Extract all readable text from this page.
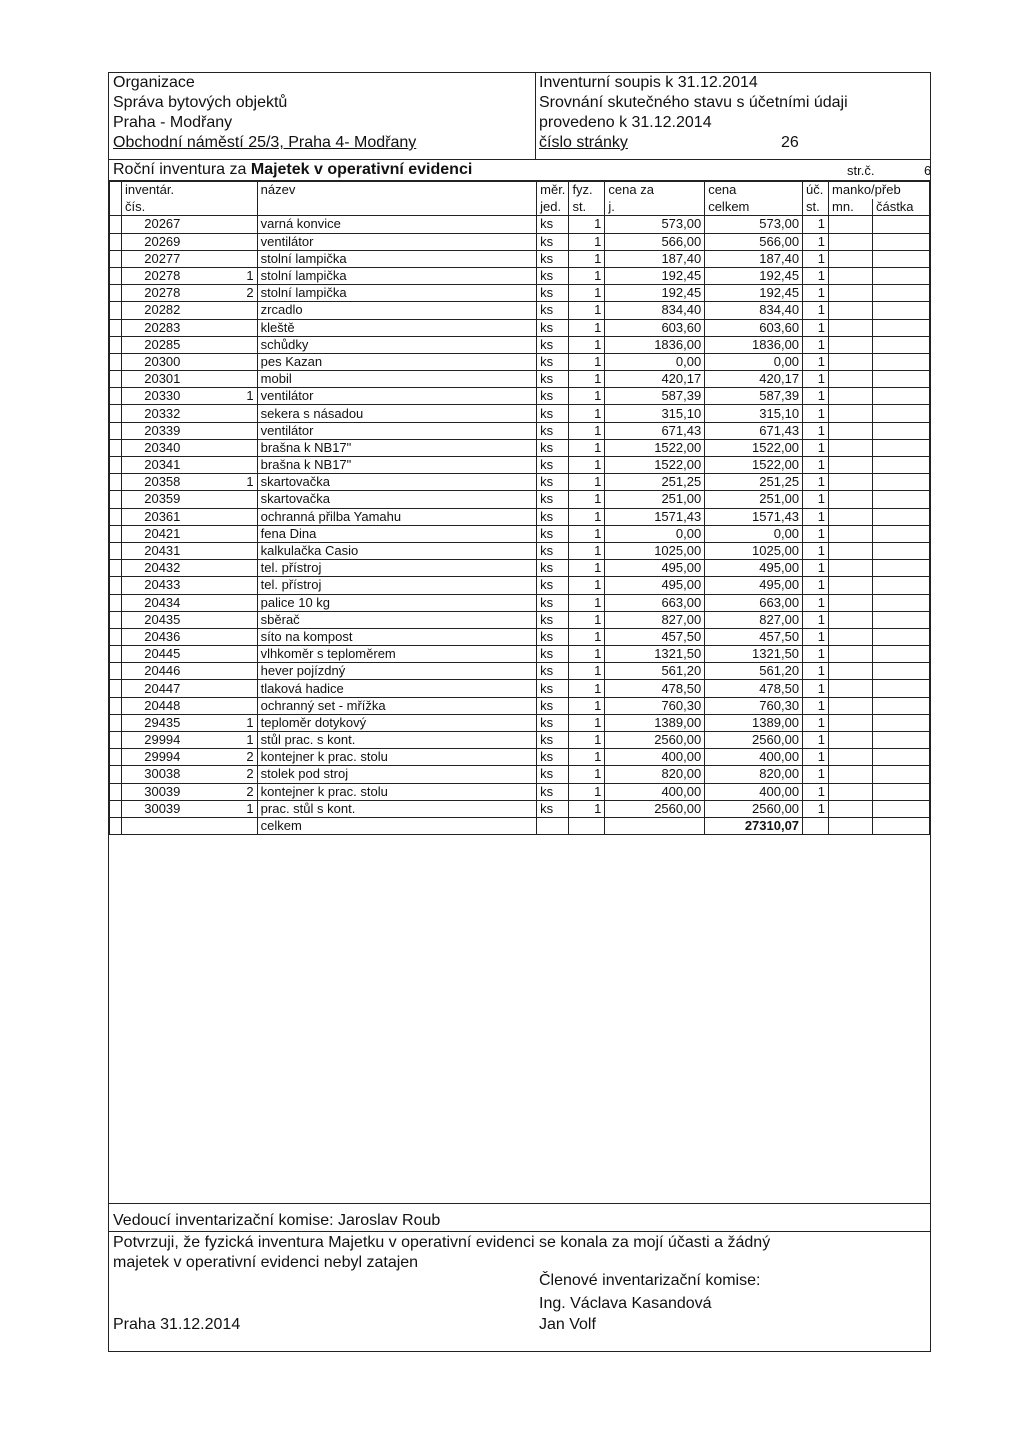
Organizace
Správa bytových objektů
Praha - Modřany
Obchodní náměstí 25/3, Praha 4- Modřany
Inventurní soupis k 31.12.2014
Srovnání skutečného stavu s účetními údaji
provedeno k 31.12.2014
číslo stránky	26
Roční inventura za Majetek v operativní evidenci	str.č.	6
	inventár.		název	měr.	fyz.	cena za	cena	úč.	manko/přeb	
	čís.			jed.	st.	j.	celkem	st.	mn.	částka
	20267		varná konvice	ks	1	573,00	573,00	1		
	20269		ventilátor	ks	1	566,00	566,00	1		
	20277		stolní lampička	ks	1	187,40	187,40	1		
	20278	1	stolní lampička	ks	1	192,45	192,45	1		
	20278	2	stolní lampička	ks	1	192,45	192,45	1		
	20282		zrcadlo	ks	1	834,40	834,40	1		
	20283		kleště	ks	1	603,60	603,60	1		
	20285		schůdky	ks	1	1836,00	1836,00	1		
	20300		pes Kazan	ks	1	0,00	0,00	1		
	20301		mobil	ks	1	420,17	420,17	1		
	20330	1	ventilátor	ks	1	587,39	587,39	1		
	20332		sekera s násadou	ks	1	315,10	315,10	1		
	20339		ventilátor	ks	1	671,43	671,43	1		
	20340		brašna k NB17"	ks	1	1522,00	1522,00	1		
	20341		brašna k NB17"	ks	1	1522,00	1522,00	1		
	20358	1	skartovačka	ks	1	251,25	251,25	1		
	20359		skartovačka	ks	1	251,00	251,00	1		
	20361		ochranná přilba Yamahu	ks	1	1571,43	1571,43	1		
	20421		fena Dina	ks	1	0,00	0,00	1		
	20431		kalkulačka Casio	ks	1	1025,00	1025,00	1		
	20432		tel. přístroj	ks	1	495,00	495,00	1		
	20433		tel. přístroj	ks	1	495,00	495,00	1		
	20434		palice 10 kg	ks	1	663,00	663,00	1		
	20435		sběrač	ks	1	827,00	827,00	1		
	20436		síto na kompost	ks	1	457,50	457,50	1		
	20445		vlhkoměr s teploměrem	ks	1	1321,50	1321,50	1		
	20446		hever pojízdný	ks	1	561,20	561,20	1		
	20447		tlaková hadice	ks	1	478,50	478,50	1		
	20448		ochranný set - mřížka	ks	1	760,30	760,30	1		
	29435	1	teploměr dotykový	ks	1	1389,00	1389,00	1		
	29994	1	stůl prac. s kont.	ks	1	2560,00	2560,00	1		
	29994	2	kontejner k prac. stolu	ks	1	400,00	400,00	1		
	30038	2	stolek pod stroj	ks	1	820,00	820,00	1		
	30039	2	kontejner k prac. stolu	ks	1	400,00	400,00	1		
	30039	1	prac. stůl s kont.	ks	1	2560,00	2560,00	1		
			celkem				27310,07			
Vedoucí inventarizační komise: Jaroslav Roub
Potvrzuji, že fyzická inventura Majetku v operativní evidenci se konala za mojí účasti a žádný
majetek v operativní evidenci nebyl zatajen
Členové inventarizační komise:
Ing. Václava Kasandová
Praha 31.12.2014	Jan Volf
